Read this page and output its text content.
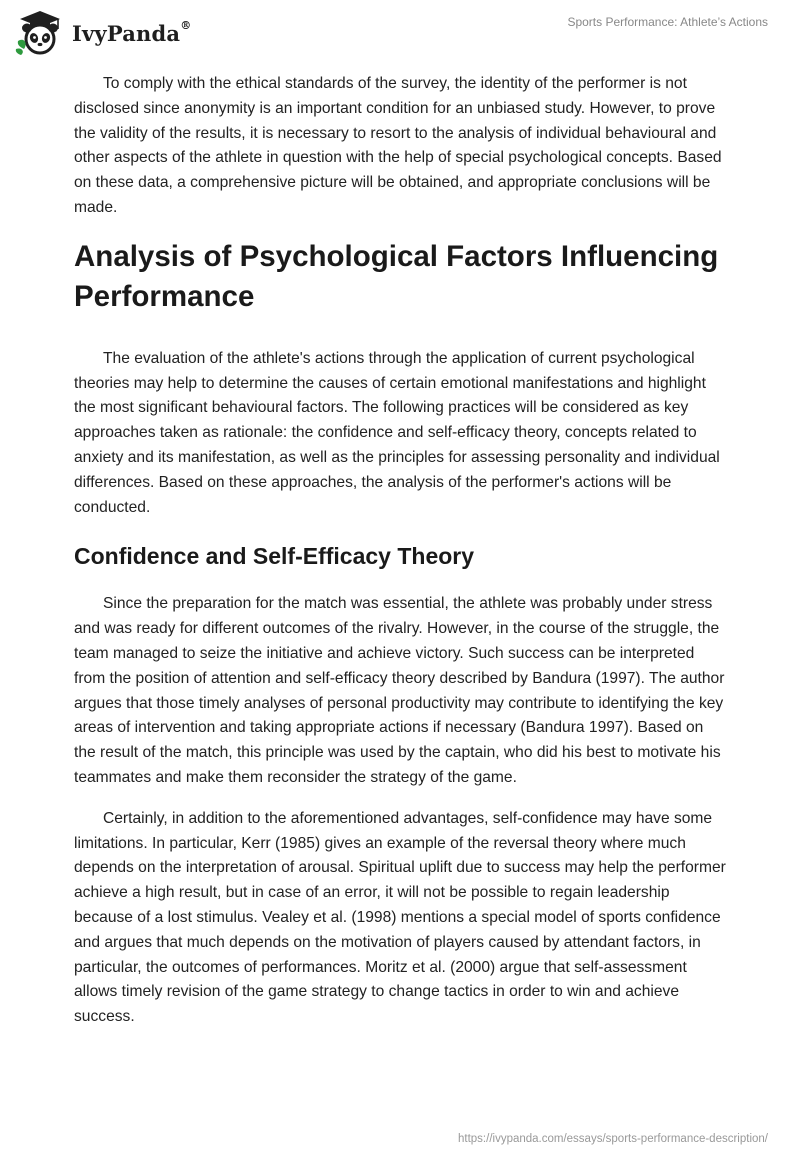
IvyPanda®	Sports Performance: Athlete’s Actions

To comply with the ethical standards of the survey, the identity of the performer is not disclosed since anonymity is an important condition for an unbiased study. However, to prove the validity of the results, it is necessary to resort to the analysis of individual behavioural and other aspects of the athlete in question with the help of special psychological concepts. Based on these data, a comprehensive picture will be obtained, and appropriate conclusions will be made.

Analysis of Psychological Factors Influencing Performance

The evaluation of the athlete's actions through the application of current psychological theories may help to determine the causes of certain emotional manifestations and highlight the most significant behavioural factors. The following practices will be considered as key approaches taken as rationale: the confidence and self-efficacy theory, concepts related to anxiety and its manifestation, as well as the principles for assessing personality and individual differences. Based on these approaches, the analysis of the performer's actions will be conducted.

Confidence and Self-Efficacy Theory

Since the preparation for the match was essential, the athlete was probably under stress and was ready for different outcomes of the rivalry. However, in the course of the struggle, the team managed to seize the initiative and achieve victory. Such success can be interpreted from the position of attention and self-efficacy theory described by Bandura (1997). The author argues that those timely analyses of personal productivity may contribute to identifying the key areas of intervention and taking appropriate actions if necessary (Bandura 1997). Based on the result of the match, this principle was used by the captain, who did his best to motivate his teammates and make them reconsider the strategy of the game.

Certainly, in addition to the aforementioned advantages, self-confidence may have some limitations. In particular, Kerr (1985) gives an example of the reversal theory where much depends on the interpretation of arousal. Spiritual uplift due to success may help the performer achieve a high result, but in case of an error, it will not be possible to regain leadership because of a lost stimulus. Vealey et al. (1998) mentions a special model of sports confidence and argues that much depends on the motivation of players caused by attendant factors, in particular, the outcomes of performances. Moritz et al. (2000) argue that self-assessment allows timely revision of the game strategy to change tactics in order to win and achieve success.

https://ivypanda.com/essays/sports-performance-description/
